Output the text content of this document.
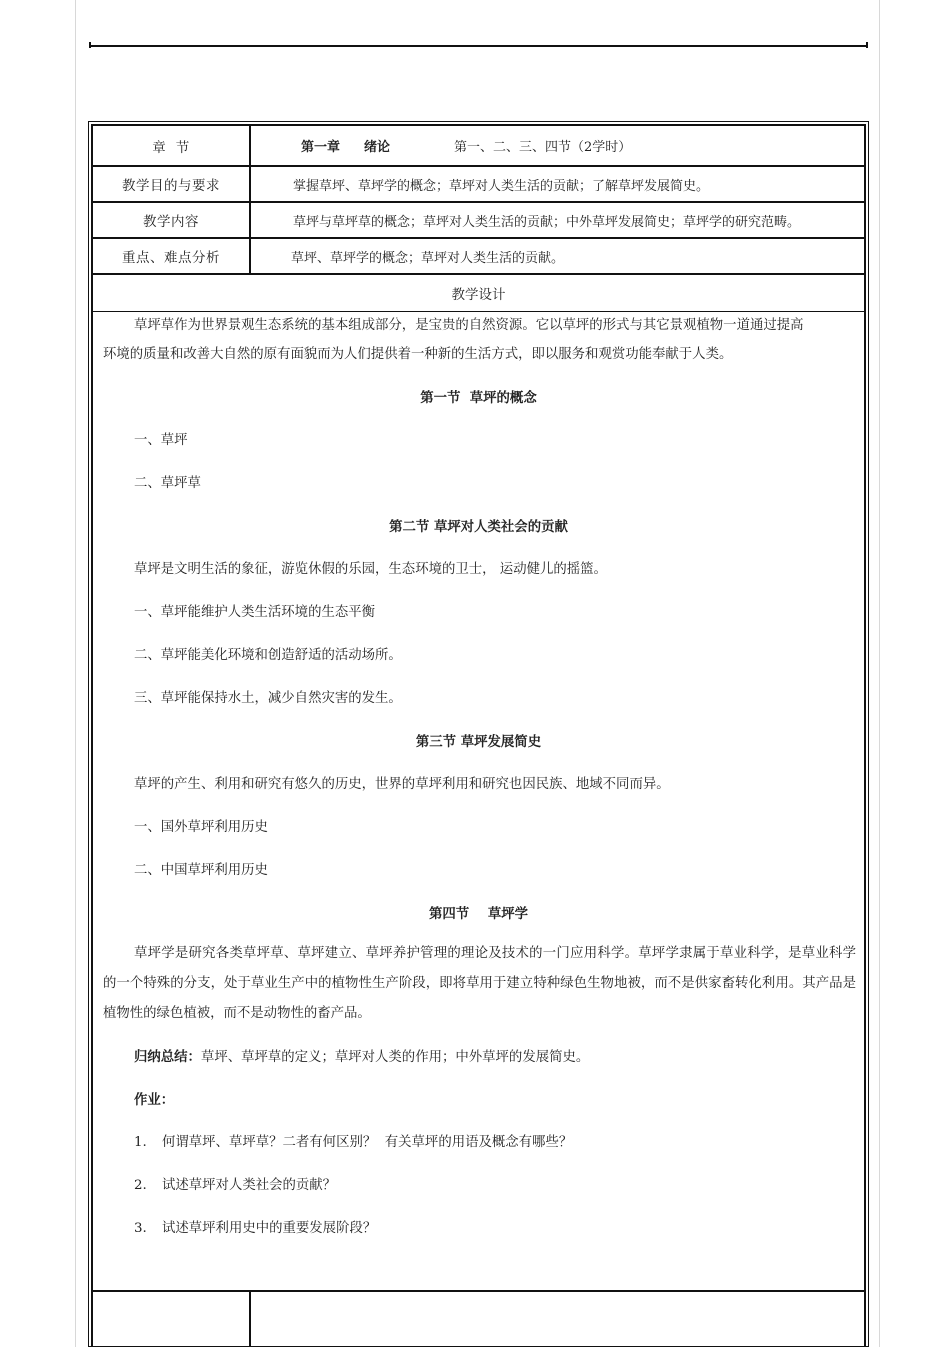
章  节	第一章 绪论	第一、二、三、四节（2学时）
教学目的与要求	掌握草坪、草坪学的概念；草坪对人类生活的贡献；了解草坪发展简史。
教学内容	草坪与草坪草的概念；草坪对人类生活的贡献；中外草坪发展简史；草坪学的研究范畴。
重点、难点分析	草坪、草坪学的概念；草坪对人类生活的贡献。
教学设计
草坪草作为世界景观生态系统的基本组成部分，是宝贵的自然资源。它以草坪的形式与其它景观植物一道通过提高
环境的质量和改善大自然的原有面貌而为人们提供着一种新的生活方式，即以服务和观赏功能奉献于人类。
第一节  草坪的概念
一、草坪
二、草坪草
第二节 草坪对人类社会的贡献
草坪是文明生活的象征，游览休假的乐园，生态环境的卫士， 运动健儿的摇篮。
一、草坪能维护人类生活环境的生态平衡
二、草坪能美化环境和创造舒适的活动场所。
三、草坪能保持水土，减少自然灾害的发生。
第三节 草坪发展简史
草坪的产生、利用和研究有悠久的历史，世界的草坪利用和研究也因民族、地域不同而异。
一、国外草坪利用历史
二、中国草坪利用历史
第四节    草坪学
草坪学是研究各类草坪草、草坪建立、草坪养护管理的理论及技术的一门应用科学。草坪学隶属于草业科学，是草业科学的一个特殊的分支，处于草业生产中的植物性生产阶段，即将草用于建立特种绿色生物地被，而不是供家畜转化利用。其产品是植物性的绿色植被，而不是动物性的畜产品。
归纳总结：草坪、草坪草的定义；草坪对人类的作用；中外草坪的发展简史。
作业：
1. 何谓草坪、草坪草？二者有何区别？  有关草坪的用语及概念有哪些？
2. 试述草坪对人类社会的贡献？
3. 试述草坪利用史中的重要发展阶段？
